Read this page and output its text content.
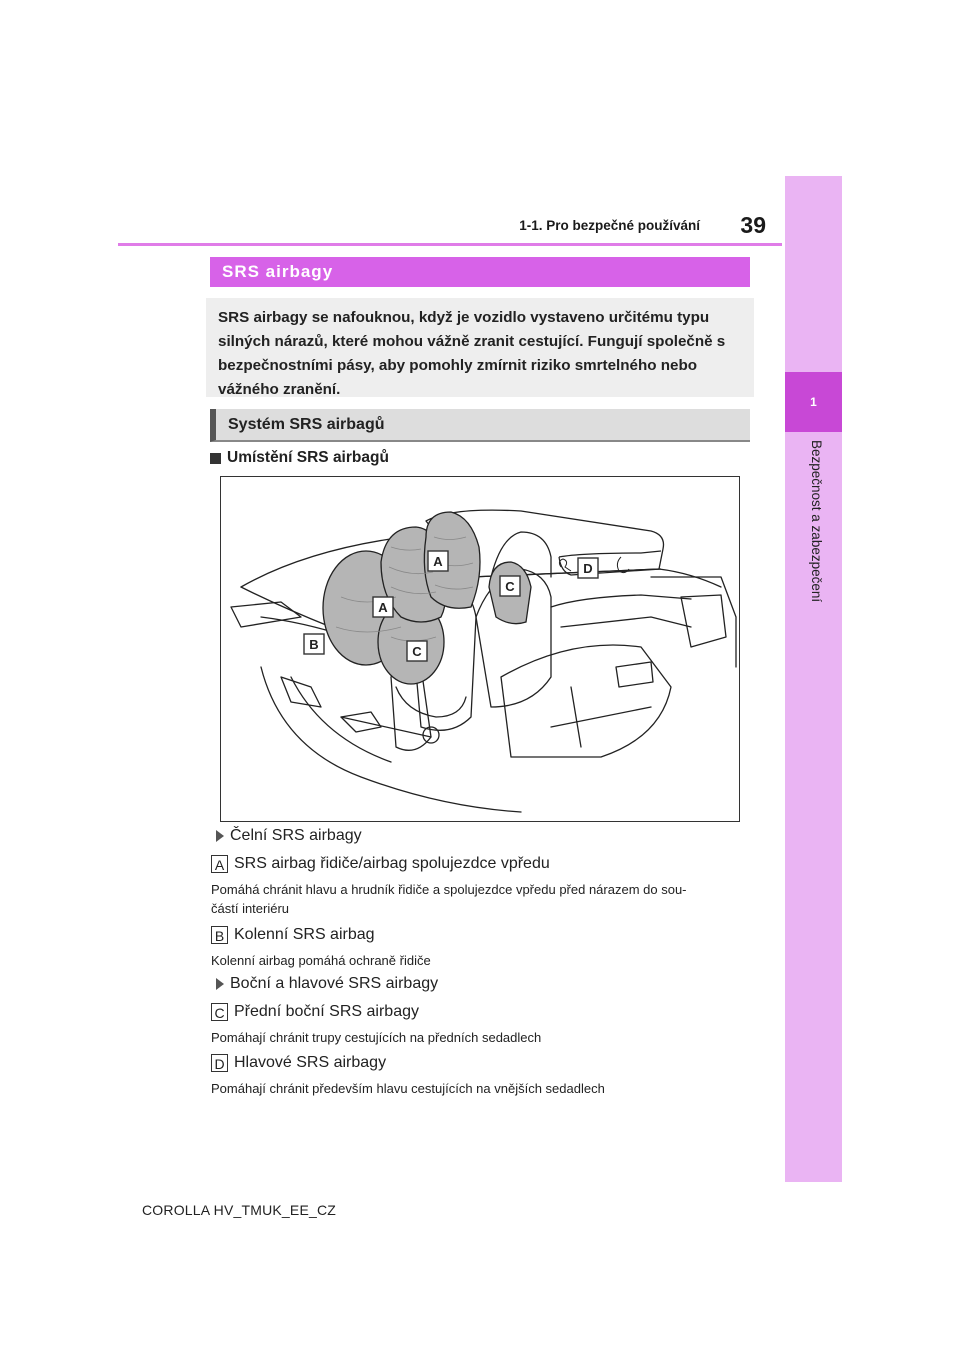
1-1. Pro bezpečné používání	39
1
Bezpečnost a zabezpečení
SRS airbagy
SRS airbagy se nafouknou, když je vozidlo vystaveno určitému typu silných nárazů, které mohou vážně zranit cestující. Fungují společně s bezpečnostními pásy, aby pomohly zmírnit riziko smrtelného nebo vážného zranění.
Systém SRS airbagů
Umístění SRS airbagů
A
A
B	C
C
D
Čelní SRS airbagy
A SRS airbag řidiče/airbag spolujezdce vpředu
Pomáhá chránit hlavu a hrudník řidiče a spolujezdce vpředu před nárazem do sou-
částí interiéru
B Kolenní SRS airbag
Kolenní airbag pomáhá ochraně řidiče
Boční a hlavové SRS airbagy
C Přední boční SRS airbagy
Pomáhají chránit trupy cestujících na předních sedadlech
D Hlavové SRS airbagy
Pomáhají chránit především hlavu cestujících na vnějších sedadlech
COROLLA HV_TMUK_EE_CZ
